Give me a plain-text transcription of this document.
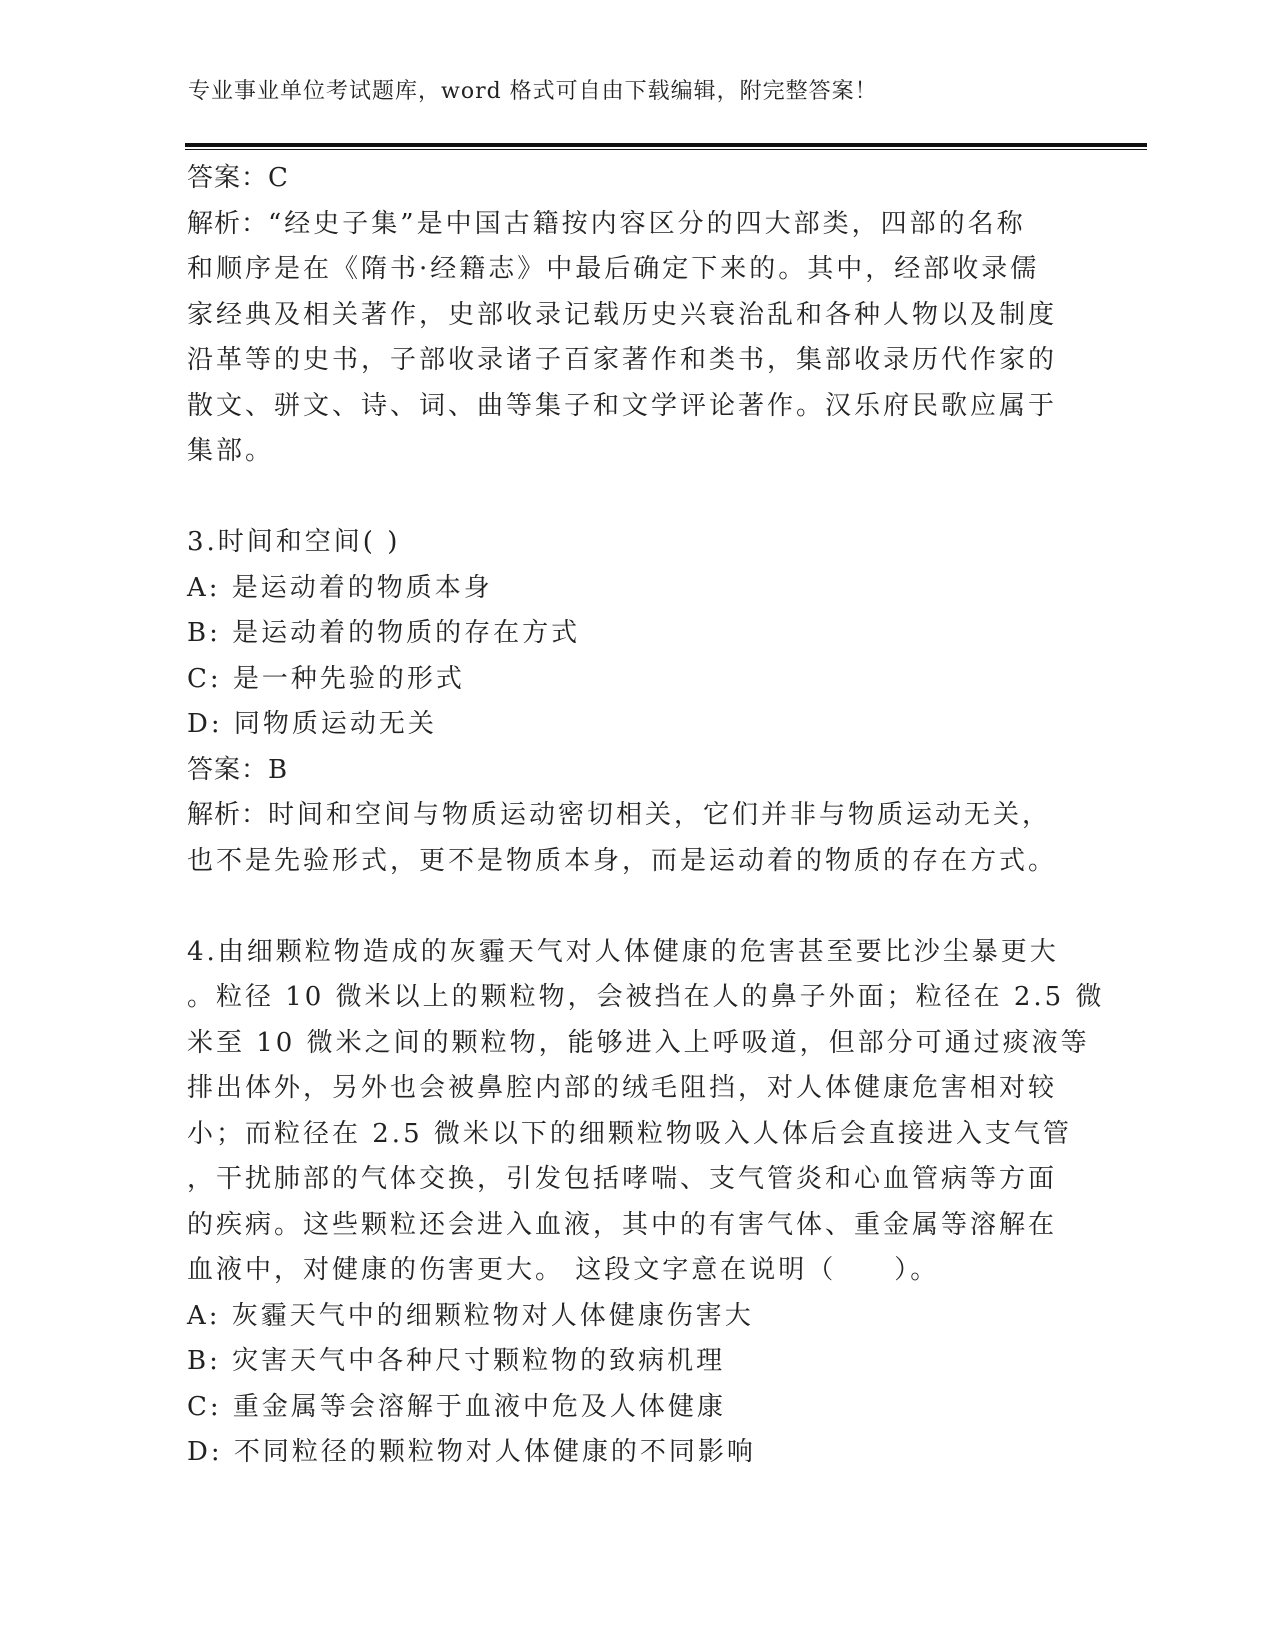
专业事业单位考试题库，word 格式可自由下载编辑，附完整答案！
答案：C
解析：“经史子集”是中国古籍按内容区分的四大部类，四部的名称
和顺序是在《隋书·经籍志》中最后确定下来的。其中，经部收录儒
家经典及相关著作，史部收录记载历史兴衰治乱和各种人物以及制度
沿革等的史书，子部收录诸子百家著作和类书，集部收录历代作家的
散文、骈文、诗、词、曲等集子和文学评论著作。汉乐府民歌应属于
集部。
3.时间和空间( )
A: 是运动着的物质本身
B: 是运动着的物质的存在方式
C: 是一种先验的形式
D: 同物质运动无关
答案：B
解析：时间和空间与物质运动密切相关，它们并非与物质运动无关，
也不是先验形式，更不是物质本身，而是运动着的物质的存在方式。
4.由细颗粒物造成的灰霾天气对人体健康的危害甚至要比沙尘暴更大
。粒径 10 微米以上的颗粒物，会被挡在人的鼻子外面；粒径在 2.5 微
米至 10 微米之间的颗粒物，能够进入上呼吸道，但部分可通过痰液等
排出体外，另外也会被鼻腔内部的绒毛阻挡，对人体健康危害相对较
小；而粒径在 2.5 微米以下的细颗粒物吸入人体后会直接进入支气管
，干扰肺部的气体交换，引发包括哮喘、支气管炎和心血管病等方面
的疾病。这些颗粒还会进入血液，其中的有害气体、重金属等溶解在
血液中，对健康的伤害更大。 这段文字意在说明（　　）。
A: 灰霾天气中的细颗粒物对人体健康伤害大
B: 灾害天气中各种尺寸颗粒物的致病机理
C: 重金属等会溶解于血液中危及人体健康
D: 不同粒径的颗粒物对人体健康的不同影响
